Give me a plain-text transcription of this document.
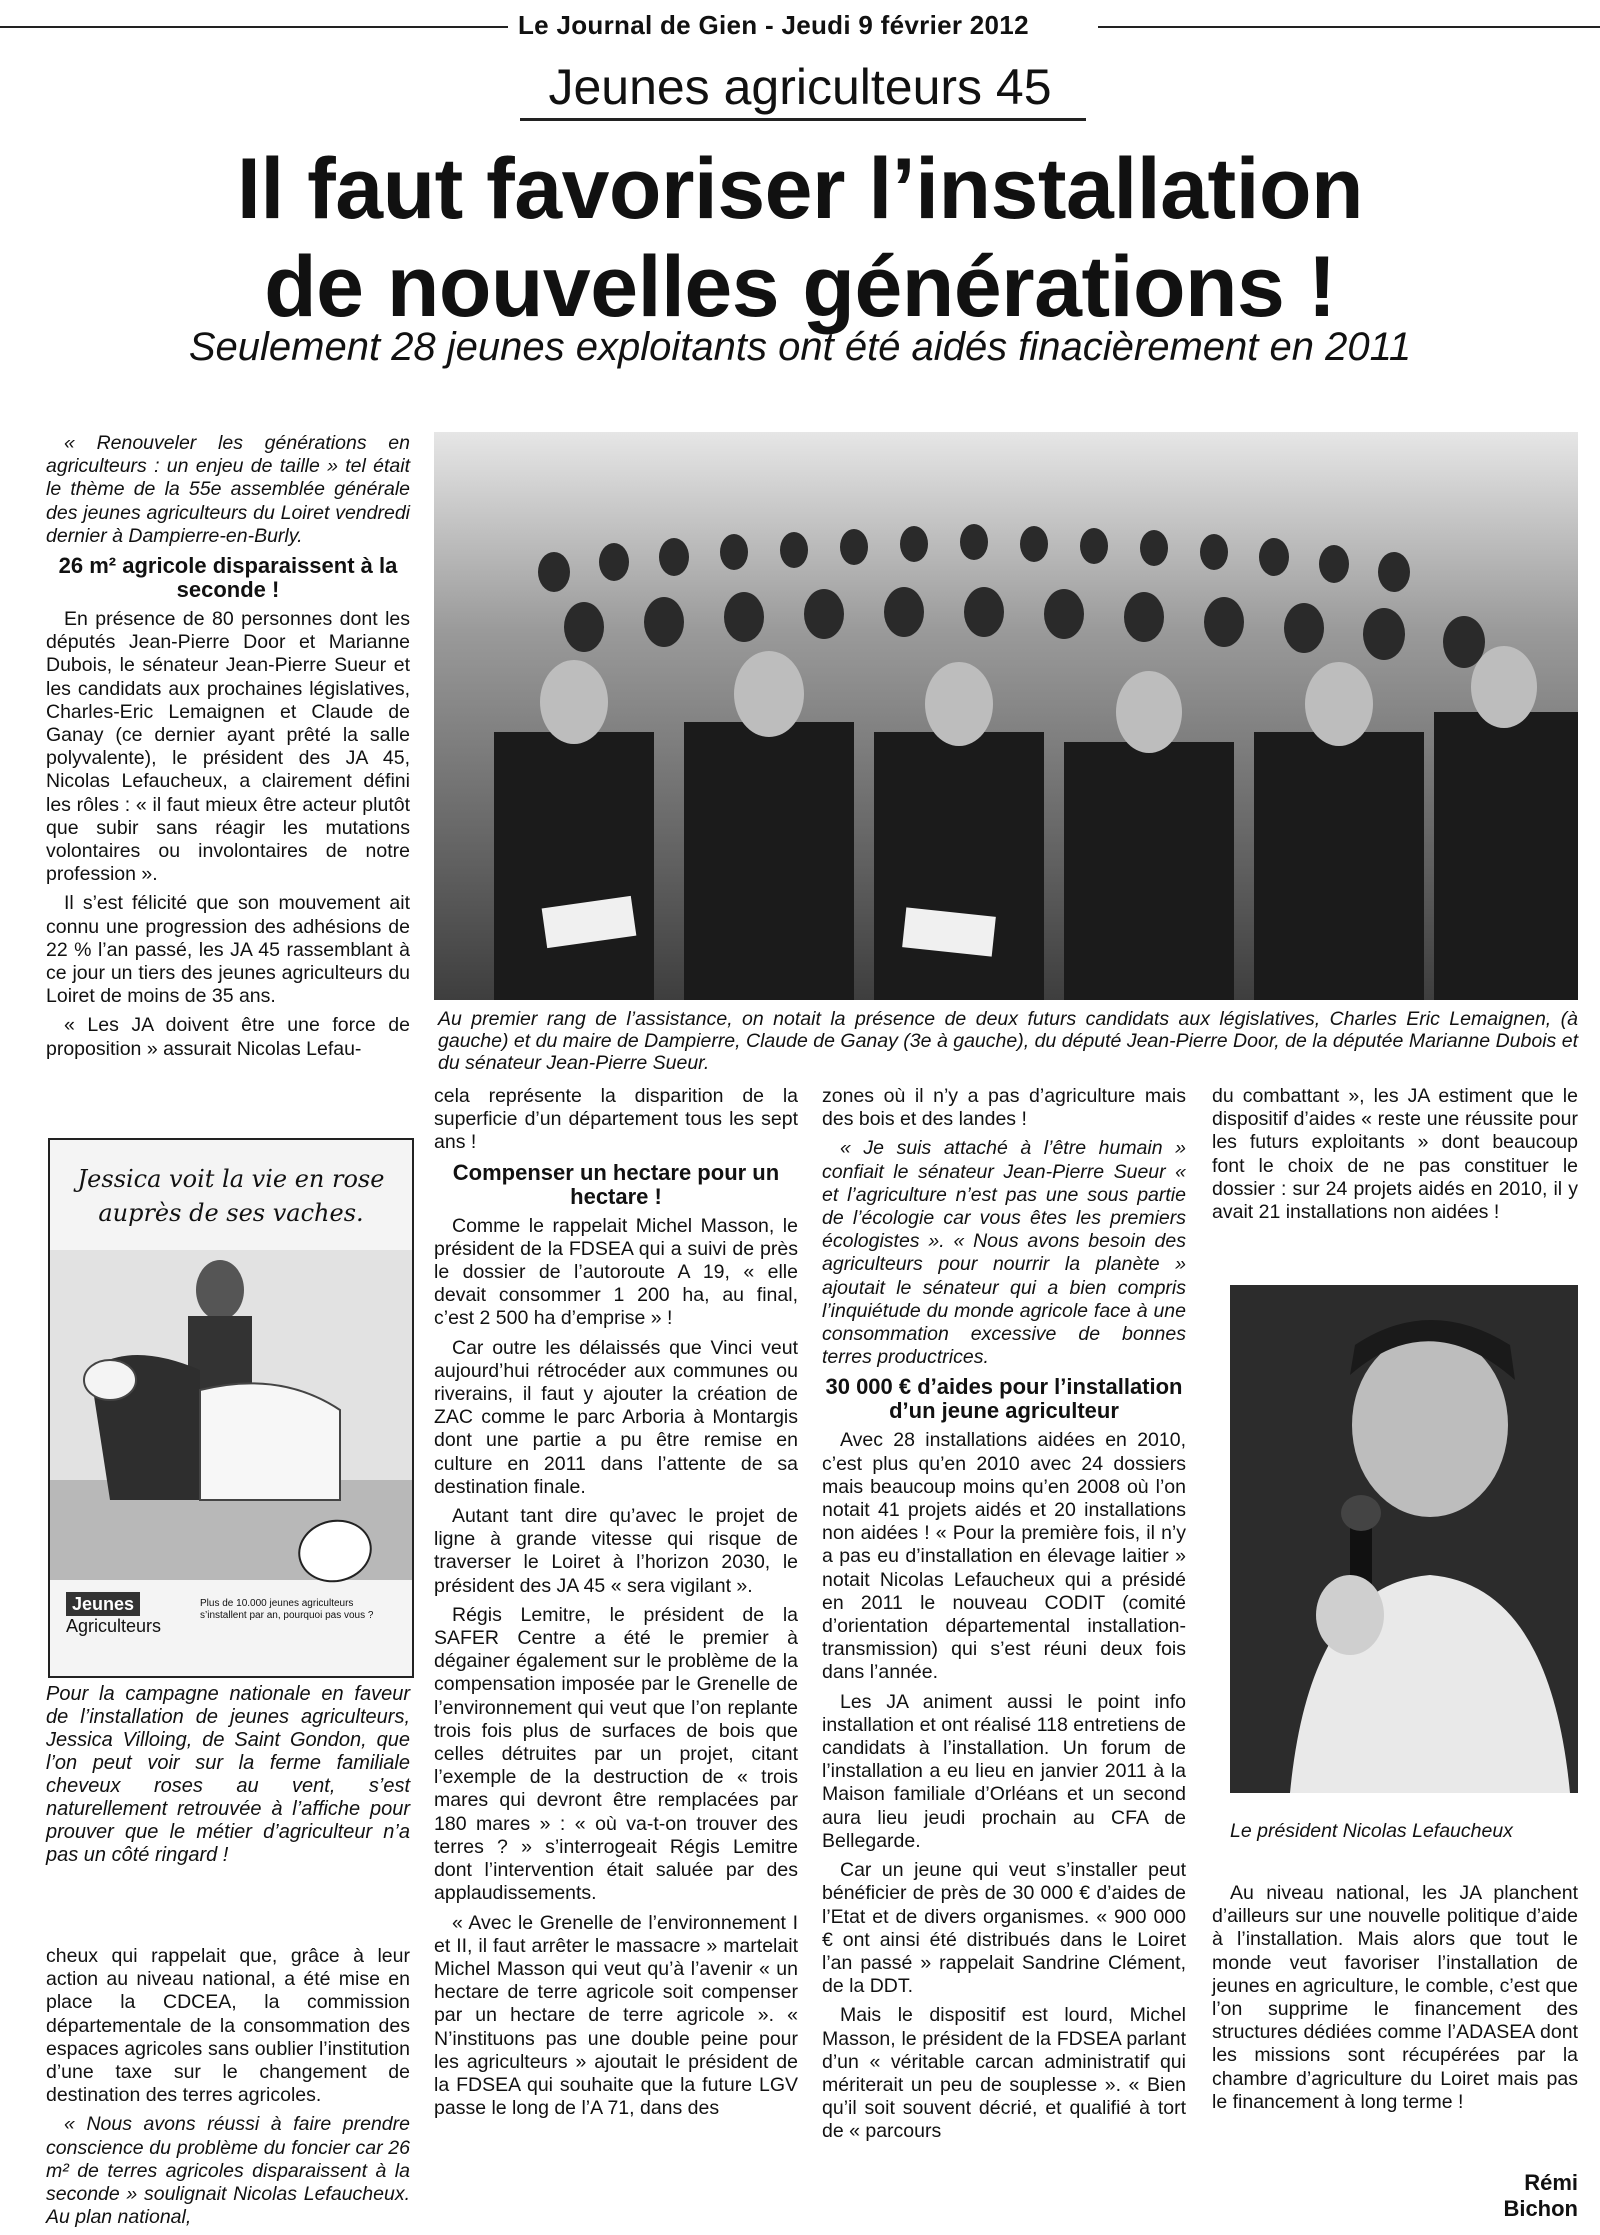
Le Journal de Gien - Jeudi 9 février 2012
Jeunes agriculteurs 45
Il faut favoriser l’installation
de nouvelles générations !
Seulement 28 jeunes exploitants ont été aidés finacièrement en 2011

« Renouveler les générations en agriculteurs : un enjeu de taille » tel était le thème de la 55e assemblée générale des jeunes agriculteurs du Loiret vendredi dernier à Dampierre-en-Burly.

26 m² agricole disparaissent à la seconde !

En présence de 80 personnes dont les députés Jean-Pierre Door et Marianne Dubois, le sénateur Jean-Pierre Sueur et les candidats aux prochaines législatives, Charles-Eric Lemaignen et Claude de Ganay (ce dernier ayant prêté la salle polyvalente), le président des JA 45, Nicolas Lefaucheux, a clairement défini les rôles : « il faut mieux être acteur plutôt que subir sans réagir les mutations volontaires ou involontaires de notre profession ».

Il s’est félicité que son mouvement ait connu une progression des adhésions de 22 % l’an passé, les JA 45 rassemblant à ce jour un tiers des jeunes agriculteurs du Loiret de moins de 35 ans.

« Les JA doivent être une force de proposition » assurait Nicolas Lefau-

Au premier rang de l’assistance, on notait la présence de deux futurs candidats aux législatives, Charles Eric Lemaignen, (à gauche) et du maire de Dampierre, Claude de Ganay (3e à gauche), du député Jean-Pierre Door, de la députée Marianne Dubois et du sénateur Jean-Pierre Sueur.
Jessica voit la vie en rose
auprès de ses vaches.
Jeunes
Agriculteurs
Plus de 10.000 jeunes agriculteurs s’installent par an, pourquoi pas vous ?
Pour la campagne nationale en faveur de l’installation de jeunes agriculteurs, Jessica Villoing, de Saint Gondon, que l’on peut voir sur la ferme familiale cheveux roses au vent, s’est naturellement retrouvée à l’affiche pour prouver que le métier d’agriculteur n’a pas un côté ringard !

cheux qui rappelait que, grâce à leur action au niveau national, a été mise en place la CDCEA, la commission départementale de la consommation des espaces agricoles sans oublier l’institution d’une taxe sur le changement de destination des terres agricoles.

« Nous avons réussi à faire prendre conscience du problème du foncier car 26 m² de terres agricoles disparaissent à la seconde » soulignait Nicolas Lefaucheux. Au plan national,

cela représente la disparition de la superficie d’un département tous les sept ans !

Compenser un hectare pour un hectare !

Comme le rappelait Michel Masson, le président de la FDSEA qui a suivi de près le dossier de l’autoroute A 19, « elle devait consommer 1 200 ha, au final, c’est 2 500 ha d’emprise » !

Car outre les délaissés que Vinci veut aujourd’hui rétrocéder aux communes ou riverains, il faut y ajouter la création de ZAC comme le parc Arboria à Montargis dont une partie a pu être remise en culture en 2011 dans l’attente de sa destination finale.

Autant tant dire qu’avec le projet de ligne à grande vitesse qui risque de traverser le Loiret à l’horizon 2030, le président des JA 45 « sera vigilant ».

Régis Lemitre, le président de la SAFER Centre a été le premier à dégainer également sur le problème de la compensation imposée par le Grenelle de l’environnement qui veut que l’on replante trois fois plus de surfaces de bois que celles détruites par un projet, citant l’exemple de la destruction de « trois mares qui devront être remplacées par 180 mares » : « où va-t-on trouver des terres ? » s’interrogeait Régis Lemitre dont l’intervention était saluée par des applaudissements.

« Avec le Grenelle de l’environnement I et II, il faut arrêter le massacre » martelait Michel Masson qui veut qu’à l’avenir « un hectare de terre agricole soit compenser par un hectare de terre agricole ». « N’instituons pas une double peine pour les agriculteurs » ajoutait le président de la FDSEA qui souhaite que la future LGV passe le long de l’A 71, dans des

zones où il n’y a pas d’agriculture mais des bois et des landes !

« Je suis attaché à l’être humain » confiait le sénateur Jean-Pierre Sueur « et l’agriculture n’est pas une sous partie de l’écologie car vous êtes les premiers écologistes ». « Nous avons besoin des agriculteurs pour nourrir la planète » ajoutait le sénateur qui a bien compris l’inquiétude du monde agricole face à une consommation excessive de bonnes terres productrices.

30 000 € d’aides pour l’installation d’un jeune agriculteur

Avec 28 installations aidées en 2010, c’est plus qu’en 2010 avec 24 dossiers mais beaucoup moins qu’en 2008 où l’on notait 41 projets aidés et 20 installations non aidées ! « Pour la première fois, il n’y a pas eu d’installation en élevage laitier » notait Nicolas Lefaucheux qui a présidé en 2011 le nouveau CODIT (comité d’orientation départemental installation-transmission) qui s’est réuni deux fois dans l’année.

Les JA animent aussi le point info installation et ont réalisé 118 entretiens de candidats à l’installation. Un forum de l’installation a eu lieu en janvier 2011 à la Maison familiale d’Orléans et un second aura lieu jeudi prochain au CFA de Bellegarde.

Car un jeune qui veut s’installer peut bénéficier de près de 30 000 € d’aides de l’Etat et de divers organismes. « 900 000 € ont ainsi été distribués dans le Loiret l’an passé » rappelait Sandrine Clément, de la DDT.

Mais le dispositif est lourd, Michel Masson, le président de la FDSEA parlant d’un « véritable carcan administratif qui mériterait un peu de souplesse ». « Bien qu’il soit souvent décrié, et qualifié à tort de « parcours

du combattant », les JA estiment que le dispositif d’aides « reste une réussite pour les futurs exploitants » dont beaucoup font le choix de ne pas constituer le dossier : sur 24 projets aidés en 2010, il y avait 21 installations non aidées !

Le président Nicolas Lefaucheux

Au niveau national, les JA planchent d’ailleurs sur une nouvelle politique d’aide à l’installation. Mais alors que tout le monde veut favoriser l’installation de jeunes en agriculture, le comble, c’est que l’on supprime le financement des structures dédiées comme l’ADASEA dont les missions sont récupérées par la chambre d’agriculture du Loiret mais pas le financement à long terme !

Rémi Bichon
